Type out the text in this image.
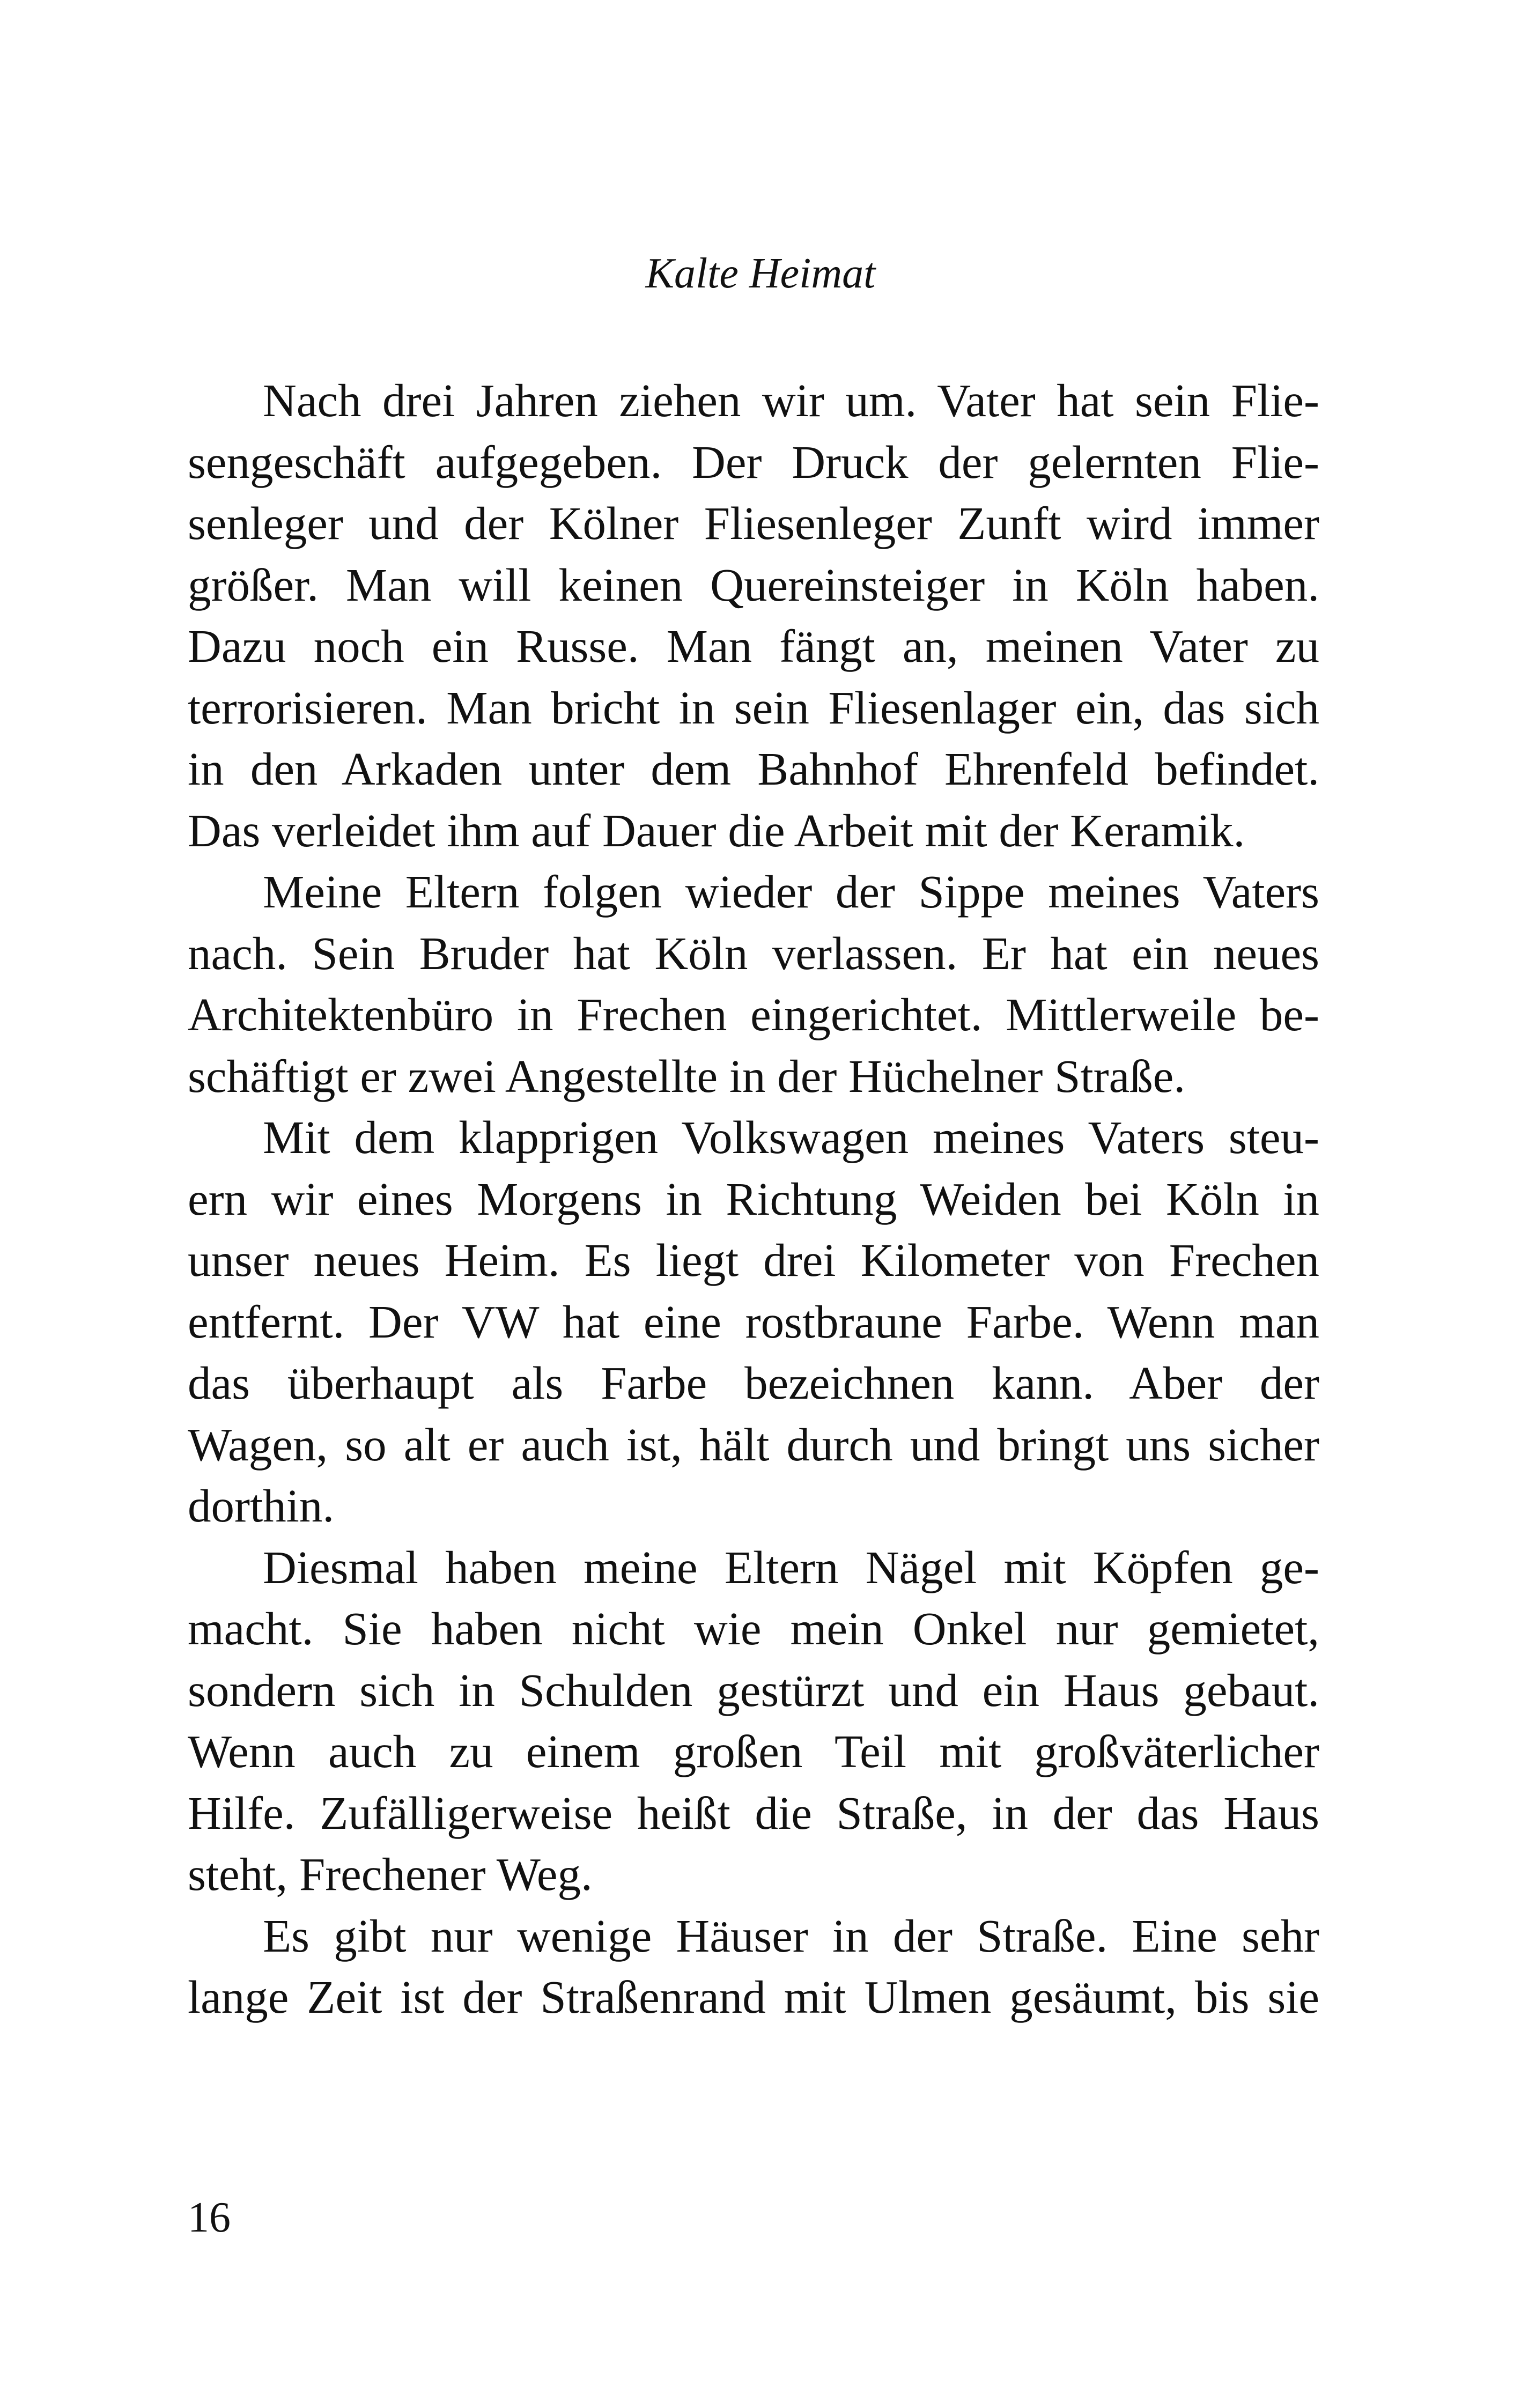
Kalte Heimat
Nach drei Jahren ziehen wir um. Vater hat sein Flie-
sengeschäft aufgegeben. Der Druck der gelernten Flie-
senleger und der Kölner Fliesenleger Zunft wird immer
größer. Man will keinen Quereinsteiger in Köln haben.
Dazu noch ein Russe. Man fängt an, meinen Vater zu
terrorisieren. Man bricht in sein Fliesenlager ein, das sich
in den Arkaden unter dem Bahnhof Ehrenfeld befindet.
Das verleidet ihm auf Dauer die Arbeit mit der Keramik.
Meine Eltern folgen wieder der Sippe meines Vaters
nach. Sein Bruder hat Köln verlassen. Er hat ein neues
Architektenbüro in Frechen eingerichtet. Mittlerweile be-
schäftigt er zwei Angestellte in der Hüchelner Straße.
Mit dem klapprigen Volkswagen meines Vaters steu-
ern wir eines Morgens in Richtung Weiden bei Köln in
unser neues Heim. Es liegt drei Kilometer von Frechen
entfernt. Der VW hat eine rostbraune Farbe. Wenn man
das überhaupt als Farbe bezeichnen kann. Aber der
Wagen, so alt er auch ist, hält durch und bringt uns sicher
dorthin.
Diesmal haben meine Eltern Nägel mit Köpfen ge-
macht. Sie haben nicht wie mein Onkel nur gemietet,
sondern sich in Schulden gestürzt und ein Haus gebaut.
Wenn auch zu einem großen Teil mit großväterlicher
Hilfe. Zufälligerweise heißt die Straße, in der das Haus
steht, Frechener Weg.
Es gibt nur wenige Häuser in der Straße. Eine sehr
lange Zeit ist der Straßenrand mit Ulmen gesäumt, bis sie
16
